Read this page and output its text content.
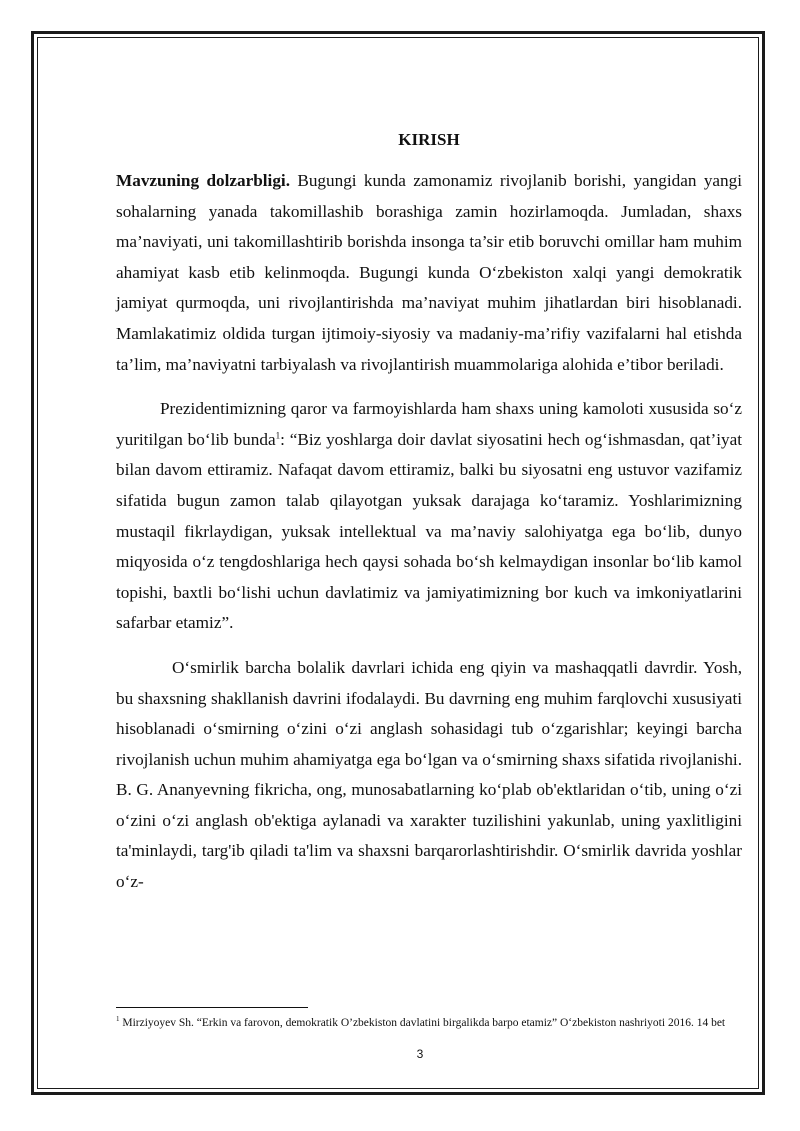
KIRISH

Mavzuning dolzarbligi. Bugungi kunda zamonamiz rivojlanib borishi, yangidan yangi sohalarning yanada takomillashib borashiga zamin hozirlamoqda. Jumladan, shaxs ma’naviyati, uni takomillashtirib borishda insonga ta’sir etib boruvchi omillar ham muhim ahamiyat kasb etib kelinmoqda. Bugungi kunda O‘zbekiston xalqi yangi demokratik jamiyat qurmoqda, uni rivojlantirishda ma’naviyat muhim jihatlardan biri hisoblanadi. Mamlakatimiz oldida turgan ijtimoiy-siyosiy va madaniy-ma’rifiy vazifalarni hal etishda ta’lim, ma’naviyatni tarbiyalash va rivojlantirish muammolariga alohida e’tibor beriladi.

Prezidentimizning qaror va farmoyishlarda ham shaxs uning kamoloti xususida so‘z yuritilgan bo‘lib bunda$^1$: “Biz yoshlarga doir davlat siyosatini hech og‘ishmasdan, qat’iyat bilan davom ettiramiz. Nafaqat davom ettiramiz, balki bu siyosatni eng ustuvor vazifamiz sifatida bugun zamon talab qilayotgan yuksak darajaga ko‘taramiz. Yoshlarimizning mustaqil fikrlaydigan, yuksak intellektual va ma’naviy salohiyatga ega bo‘lib, dunyo miqyosida o‘z tengdoshlariga hech qaysi sohada bo‘sh kelmaydigan insonlar bo‘lib kamol topishi, baxtli bo‘lishi uchun davlatimiz va jamiyatimizning bor kuch va imkoniyatlarini safarbar etamiz”.

O‘smirlik barcha bolalik davrlari ichida eng qiyin va mashaqqatli davrdir. Yosh, bu shaxsning shakllanish davrini ifodalaydi. Bu davrning eng muhim farqlovchi xususiyati hisoblanadi o‘smirning o‘zini o‘zi anglash sohasidagi tub o‘zgarishlar; keyingi barcha rivojlanish uchun muhim ahamiyatga ega bo‘lgan va o‘smirning shaxs sifatida rivojlanishi. B. G. Ananyevning fikricha, ong, munosabatlarning ko‘plab ob'ektlaridan o‘tib, uning o‘zi o‘zini o‘zi anglash ob'ektiga aylanadi va xarakter tuzilishini yakunlab, uning yaxlitligini ta'minlaydi, targ'ib qiladi ta'lim va shaxsni barqarorlashtirishdir. O‘smirlik davrida yoshlar o‘z-

$^1$ Mirziyoyev Sh. “Erkin va farovon, demokratik O’zbekiston davlatini birgalikda barpo etamiz” O‘zbekiston nashriyoti 2016. 14 bet
3
